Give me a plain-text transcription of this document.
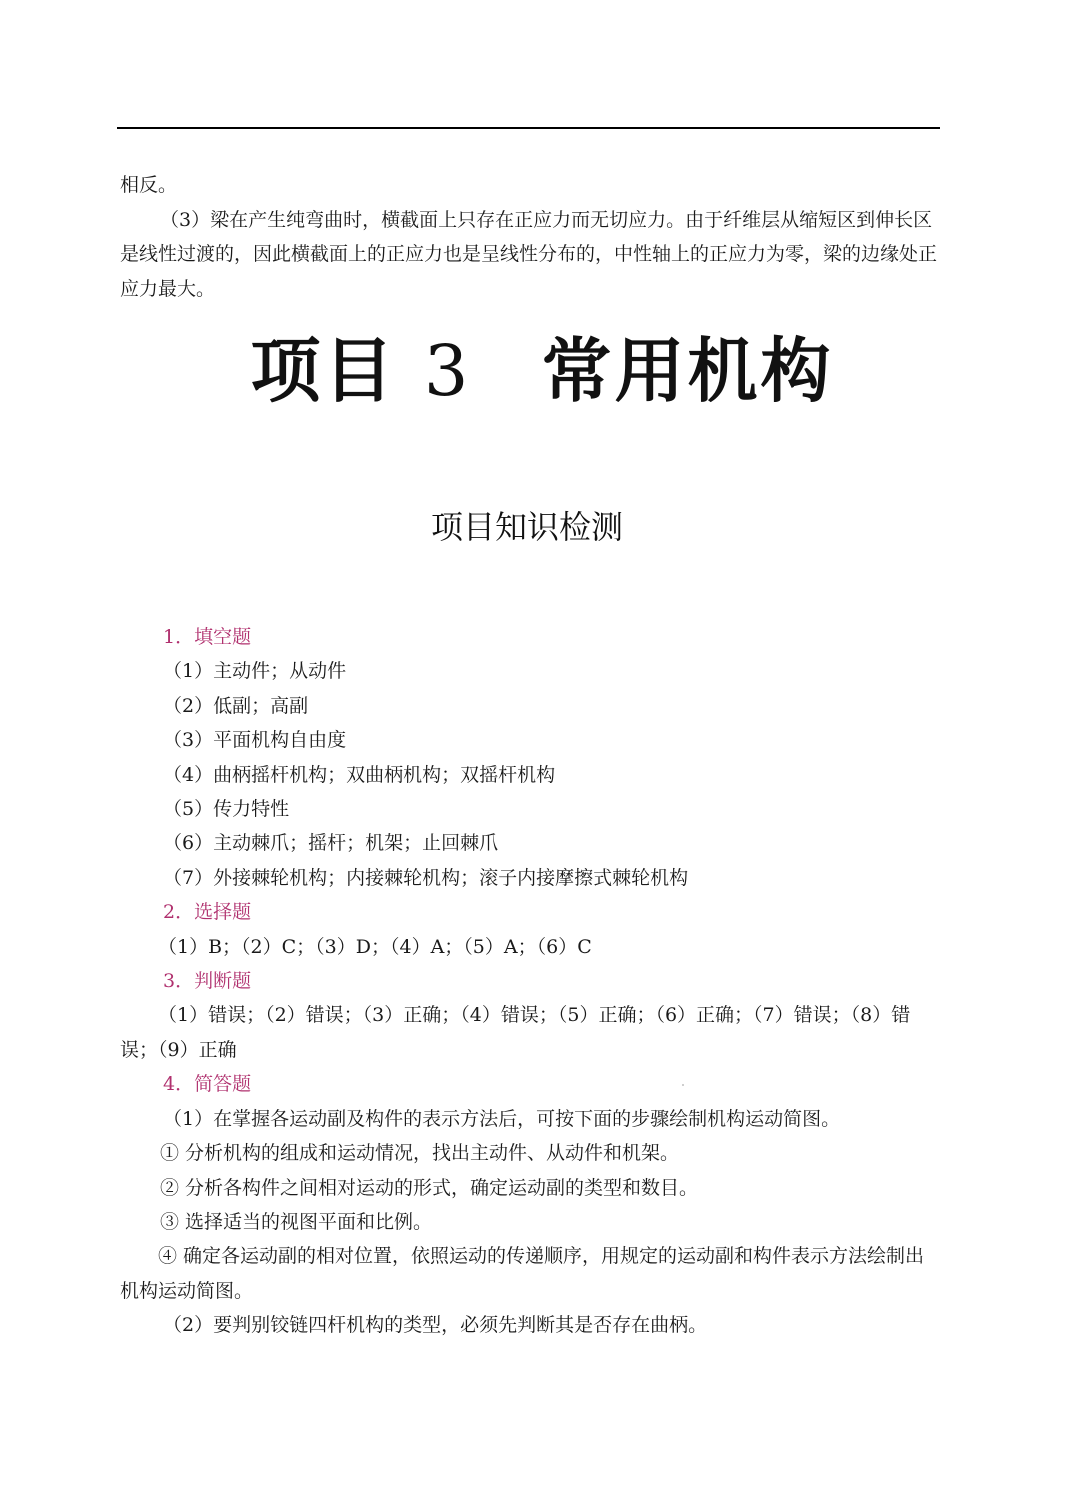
相反。

（3）梁在产生纯弯曲时，横截面上只存在正应力而无切应力。由于纤维层从缩短区到伸长区是线性过渡的，因此横截面上的正应力也是呈线性分布的，中性轴上的正应力为零，梁的边缘处正应力最大。

项目 3 常用机构
项目知识检测

1．填空题

（1）主动件；从动件

（2）低副；高副

（3）平面机构自由度

（4）曲柄摇杆机构；双曲柄机构；双摇杆机构

（5）传力特性

（6）主动棘爪；摇杆；机架；止回棘爪

（7）外接棘轮机构；内接棘轮机构；滚子内接摩擦式棘轮机构

2．选择题

（1）B；（2）C；（3）D；（4）A；（5）A；（6）C

3．判断题

（1）错误；（2）错误；（3）正确；（4）错误；（5）正确；（6）正确；（7）错误；（8）错误；（9）正确

4．简答题

（1）在掌握各运动副及构件的表示方法后，可按下面的步骤绘制机构运动简图。

① 分析机构的组成和运动情况，找出主动件、从动件和机架。

② 分析各构件之间相对运动的形式，确定运动副的类型和数目。

③ 选择适当的视图平面和比例。

④ 确定各运动副的相对位置，依照运动的传递顺序，用规定的运动副和构件表示方法绘制出机构运动简图。

（2）要判别铰链四杆机构的类型，必须先判断其是否存在曲柄。
